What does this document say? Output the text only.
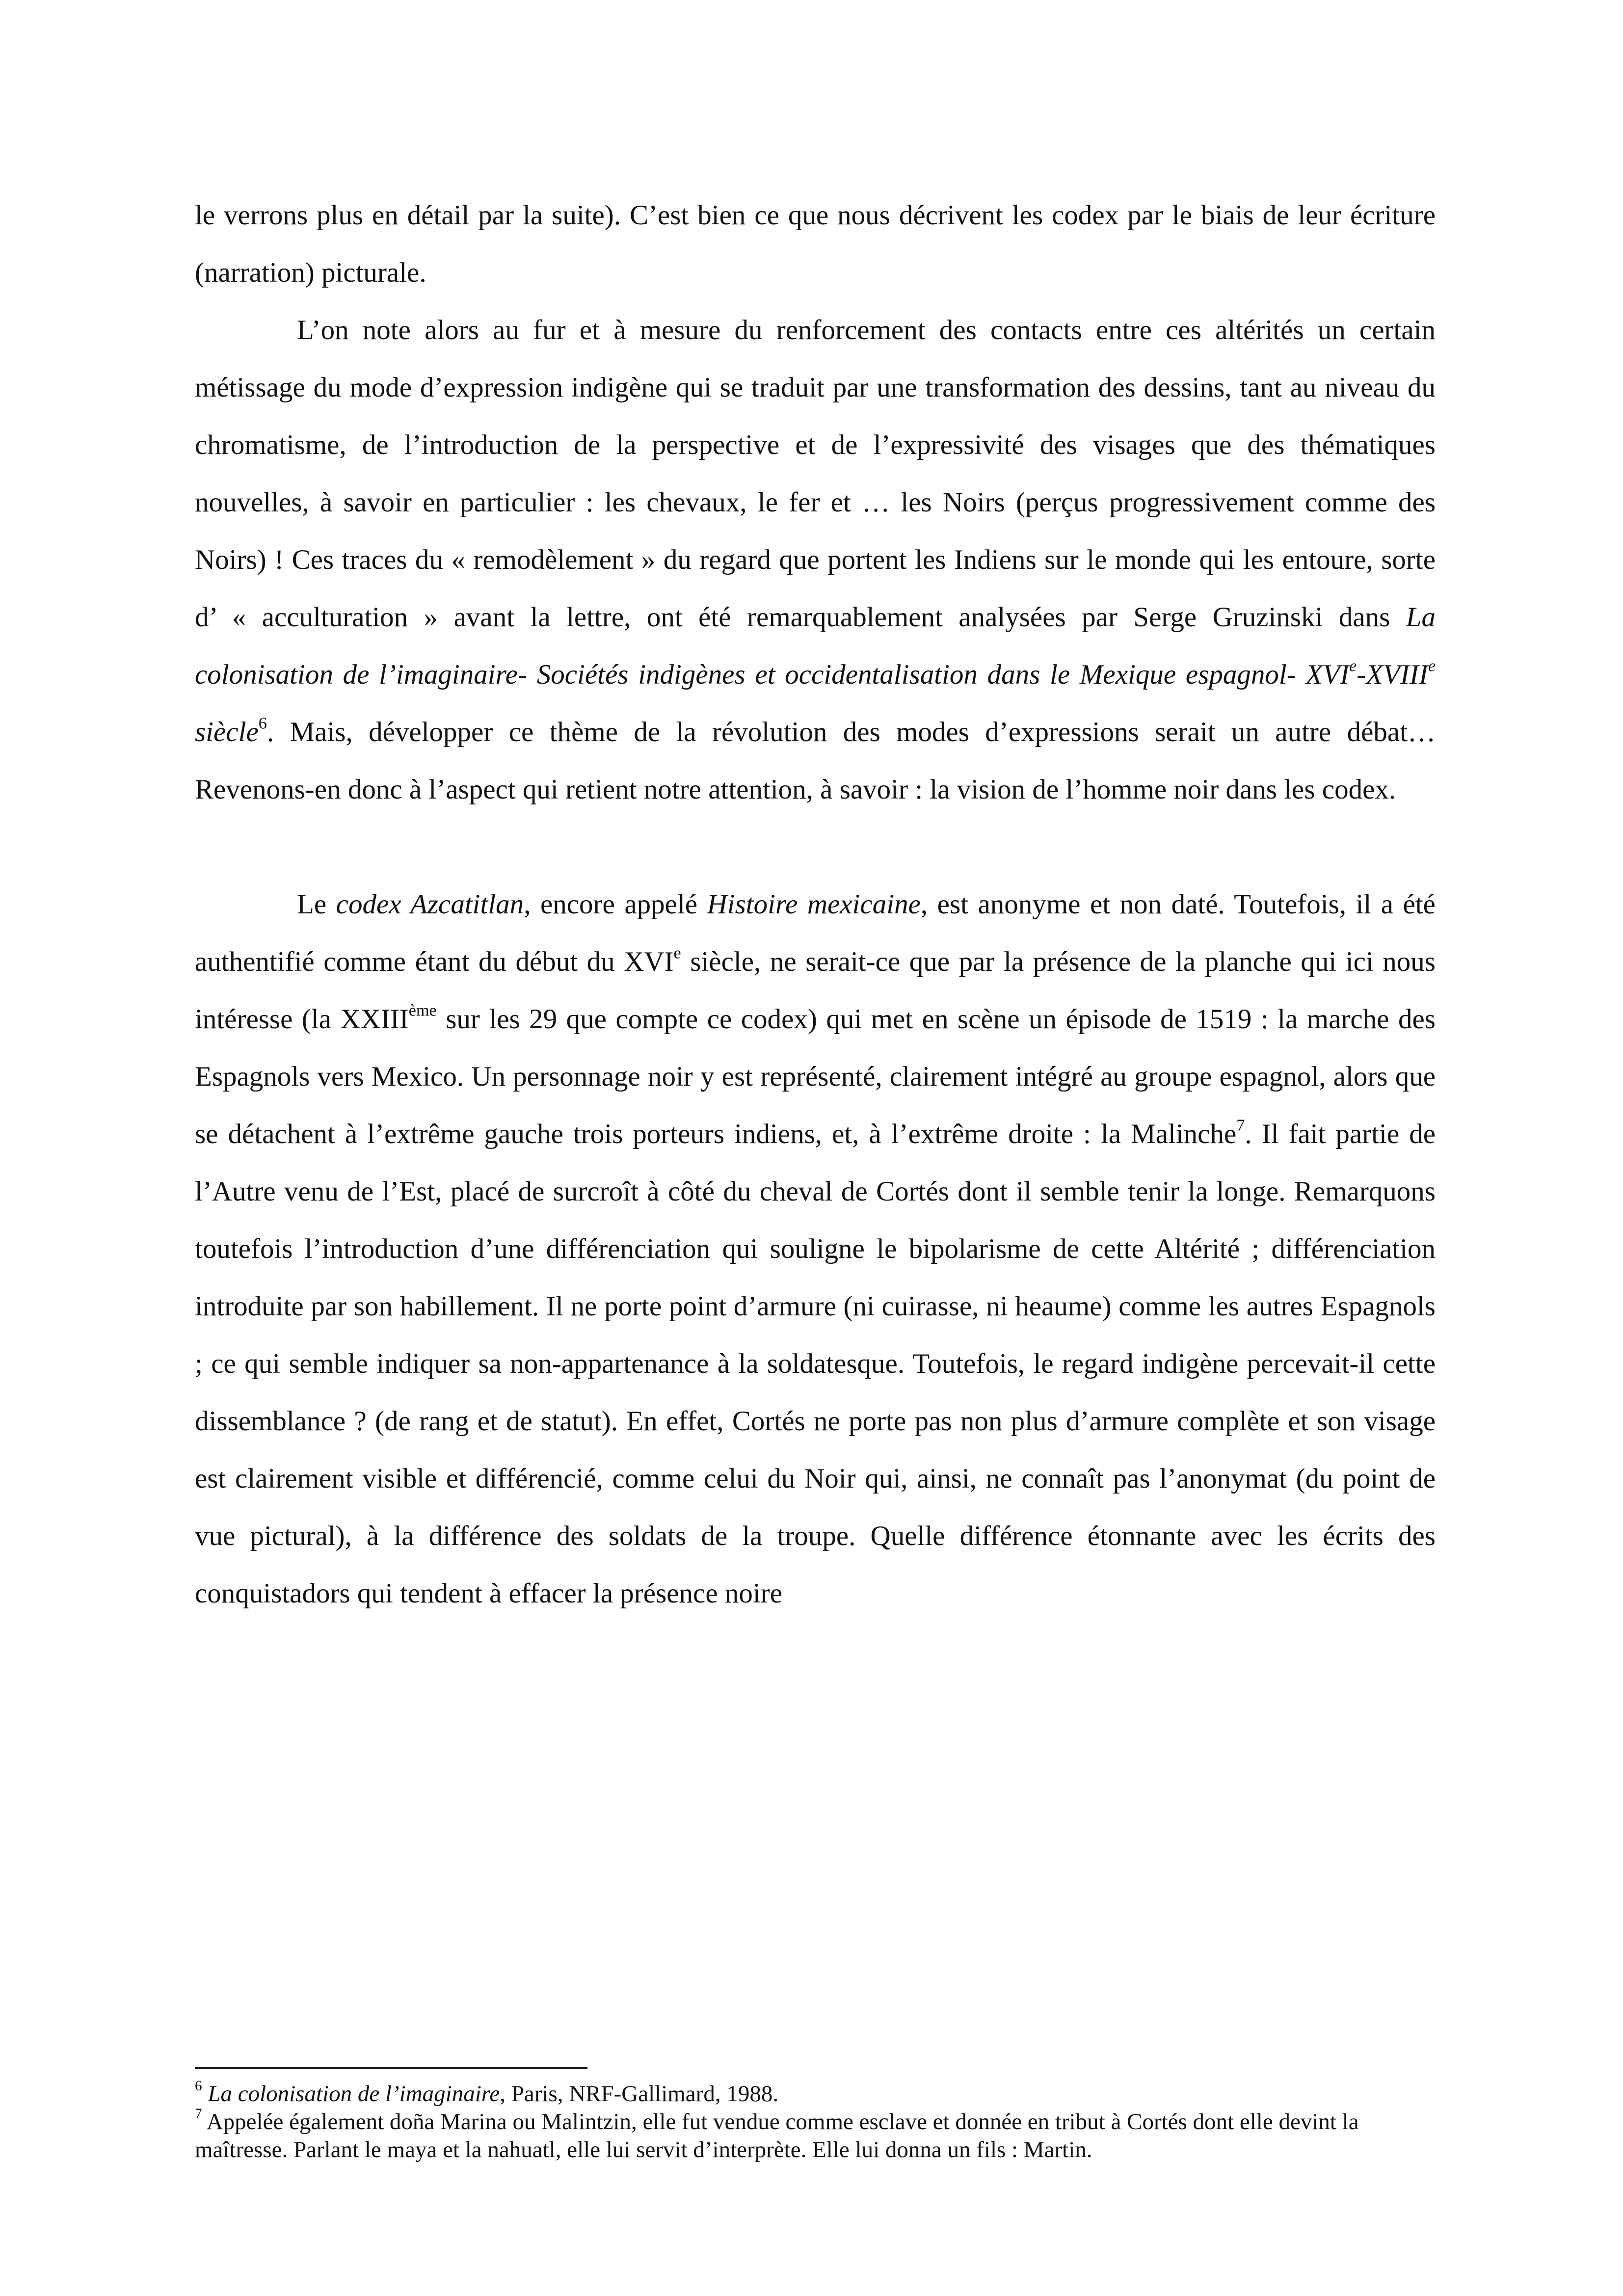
le verrons plus en détail par la suite). C’est bien ce que nous décrivent les codex par le biais de leur écriture (narration) picturale.

L’on note alors au fur et à mesure du renforcement des contacts entre ces altérités un certain métissage du mode d’expression indigène qui se traduit par une transformation des dessins, tant au niveau du chromatisme, de l’introduction de la perspective et de l’expressivité des visages que des thématiques nouvelles, à savoir en particulier : les chevaux, le fer et … les Noirs (perçus progressivement comme des Noirs) ! Ces traces du « remodèlement » du regard que portent les Indiens sur le monde qui les entoure, sorte d’ « acculturation » avant la lettre, ont été remarquablement analysées par Serge Gruzinski dans La colonisation de l’imaginaire- Sociétés indigènes et occidentalisation dans le Mexique espagnol- XVIe-XVIIIe siècle$^6$. Mais, développer ce thème de la révolution des modes d’expressions serait un autre débat… Revenons-en donc à l’aspect qui retient notre attention, à savoir : la vision de l’homme noir dans les codex.

Le codex Azcatitlan, encore appelé Histoire mexicaine, est anonyme et non daté. Toutefois, il a été authentifié comme étant du début du XVIe siècle, ne serait-ce que par la présence de la planche qui ici nous intéresse (la XXIIIème sur les 29 que compte ce codex) qui met en scène un épisode de 1519 : la marche des Espagnols vers Mexico. Un personnage noir y est représenté, clairement intégré au groupe espagnol, alors que se détachent à l’extrême gauche trois porteurs indiens, et, à l’extrême droite : la Malinche$^7$. Il fait partie de l’Autre venu de l’Est, placé de surcroît à côté du cheval de Cortés dont il semble tenir la longe. Remarquons toutefois l’introduction d’une différenciation qui souligne le bipolarisme de cette Altérité ; différenciation introduite par son habillement. Il ne porte point d’armure (ni cuirasse, ni heaume) comme les autres Espagnols ; ce qui semble indiquer sa non-appartenance à la soldatesque. Toutefois, le regard indigène percevait-il cette dissemblance ? (de rang et de statut). En effet, Cortés ne porte pas non plus d’armure complète et son visage est clairement visible et différencié, comme celui du Noir qui, ainsi, ne connaît pas l’anonymat (du point de vue pictural), à la différence des soldats de la troupe. Quelle différence étonnante avec les écrits des conquistadors qui tendent à effacer la présence noire

$^6$ La colonisation de l’imaginaire, Paris, NRF-Gallimard, 1988.

$^7$ Appelée également doña Marina ou Malintzin, elle fut vendue comme esclave et donnée en tribut à Cortés dont elle devint la maîtresse. Parlant le maya et la nahuatl, elle lui servit d’interprète. Elle lui donna un fils : Martin.
